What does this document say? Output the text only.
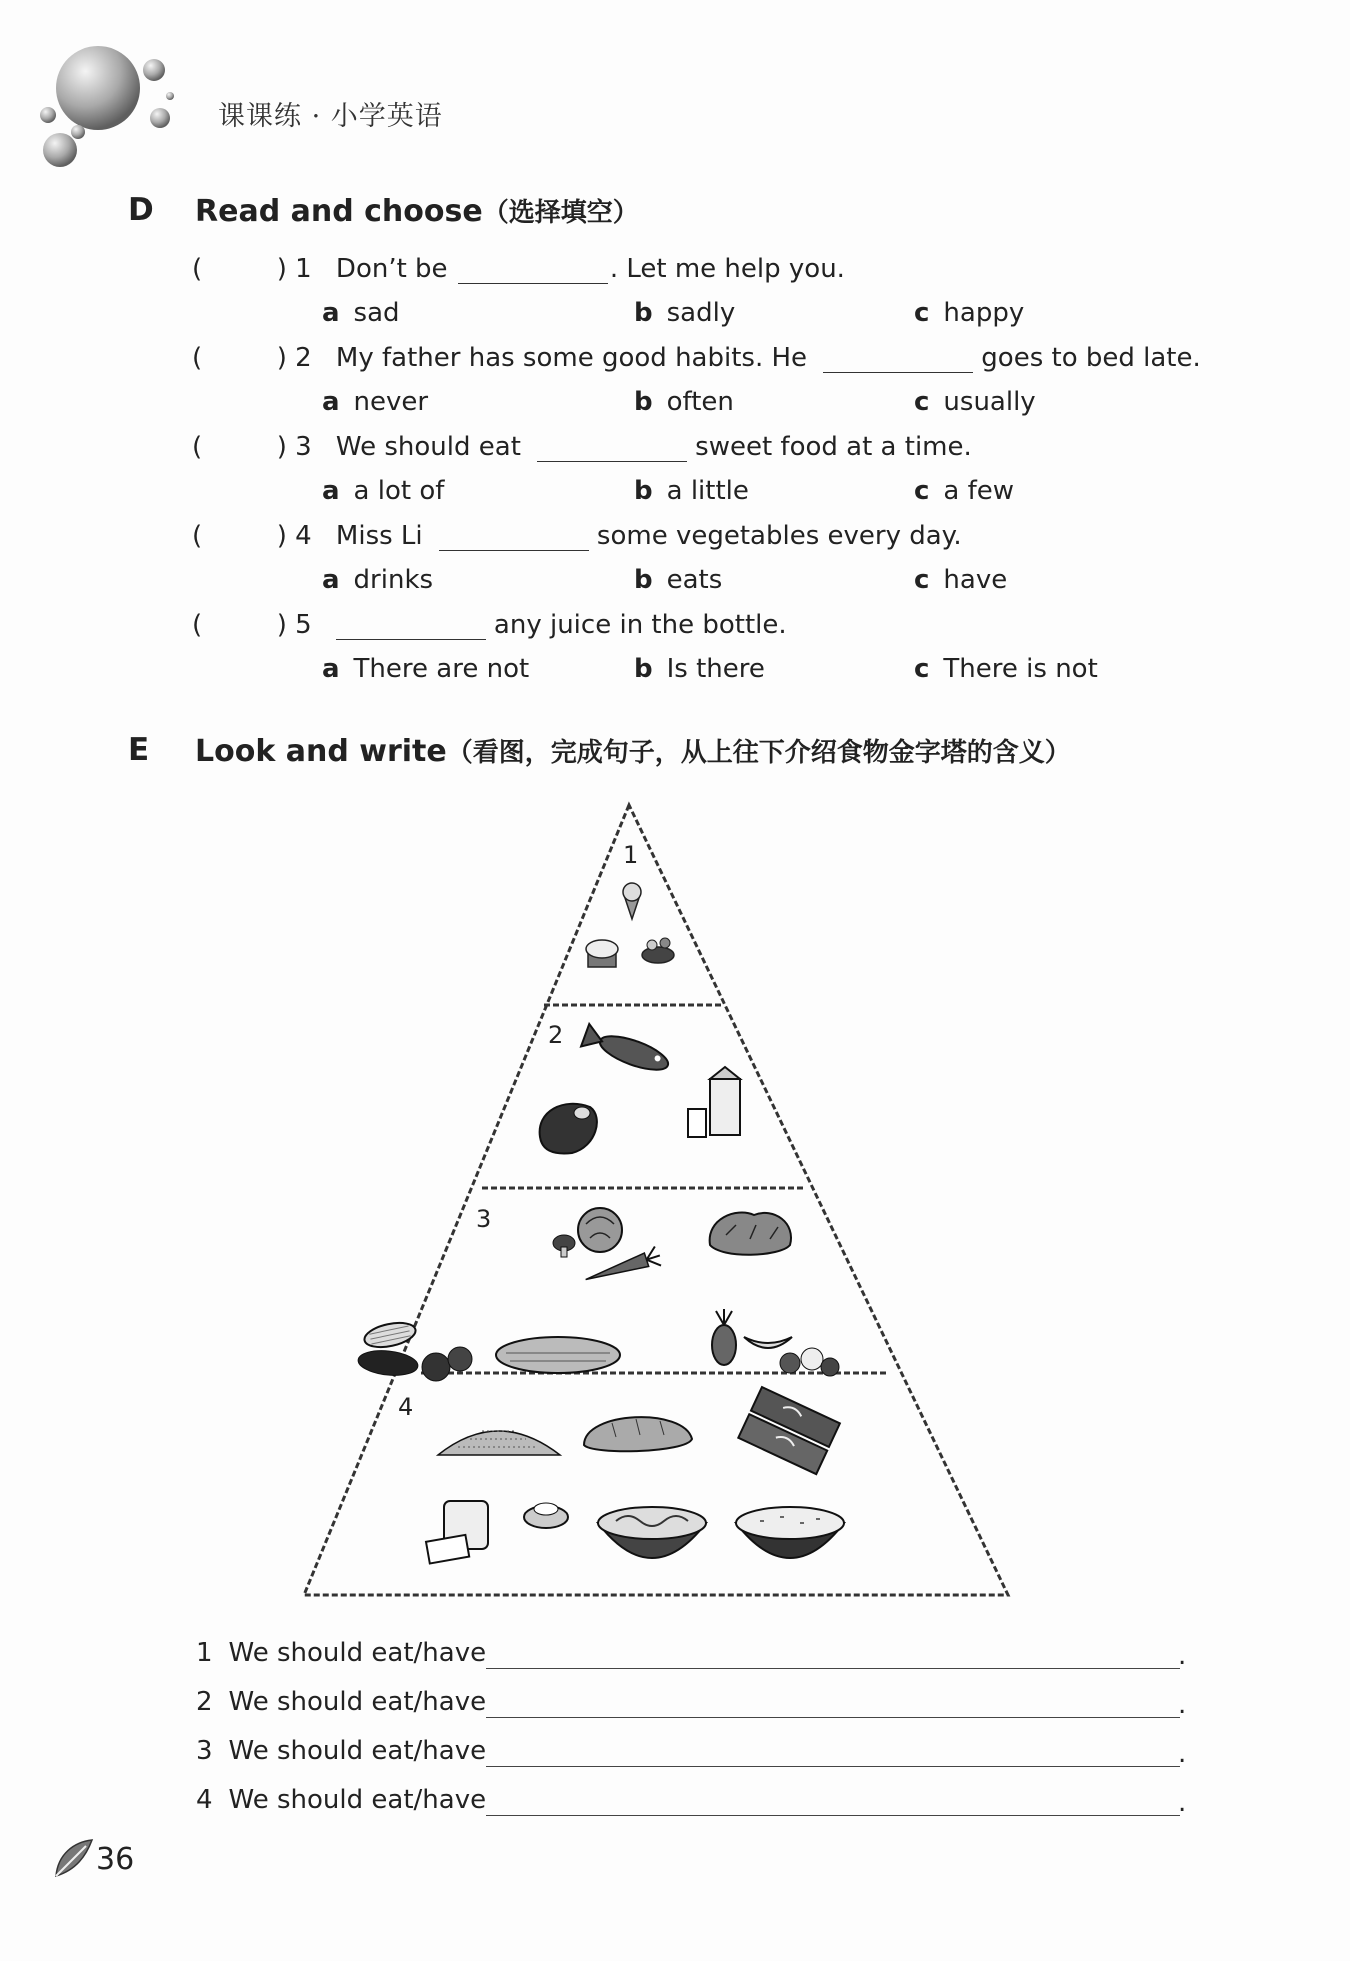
课课练 · 小学英语
D Read and choose（选择填空）
(	) 1 Don’t be	. Let me help you.
a sad	b sadly	c happy
(	) 2 My father has some good habits. He	goes to bed late.
a never	b often	c usually
(	) 3 We should eat	sweet food at a time.
a a lot of	b a little	c a few
(	) 4 Miss Li	some vegetables every day.
a drinks	b eats	c have
(	) 5	any juice in the bottle.
a There are not	b Is there	c There is not
E Look and write（看图，完成句子，从上往下介绍食物金字塔的含义）
1
2
3
4
1 We should eat/have	.
2 We should eat/have	.
3 We should eat/have	.
4 We should eat/have	.
36
